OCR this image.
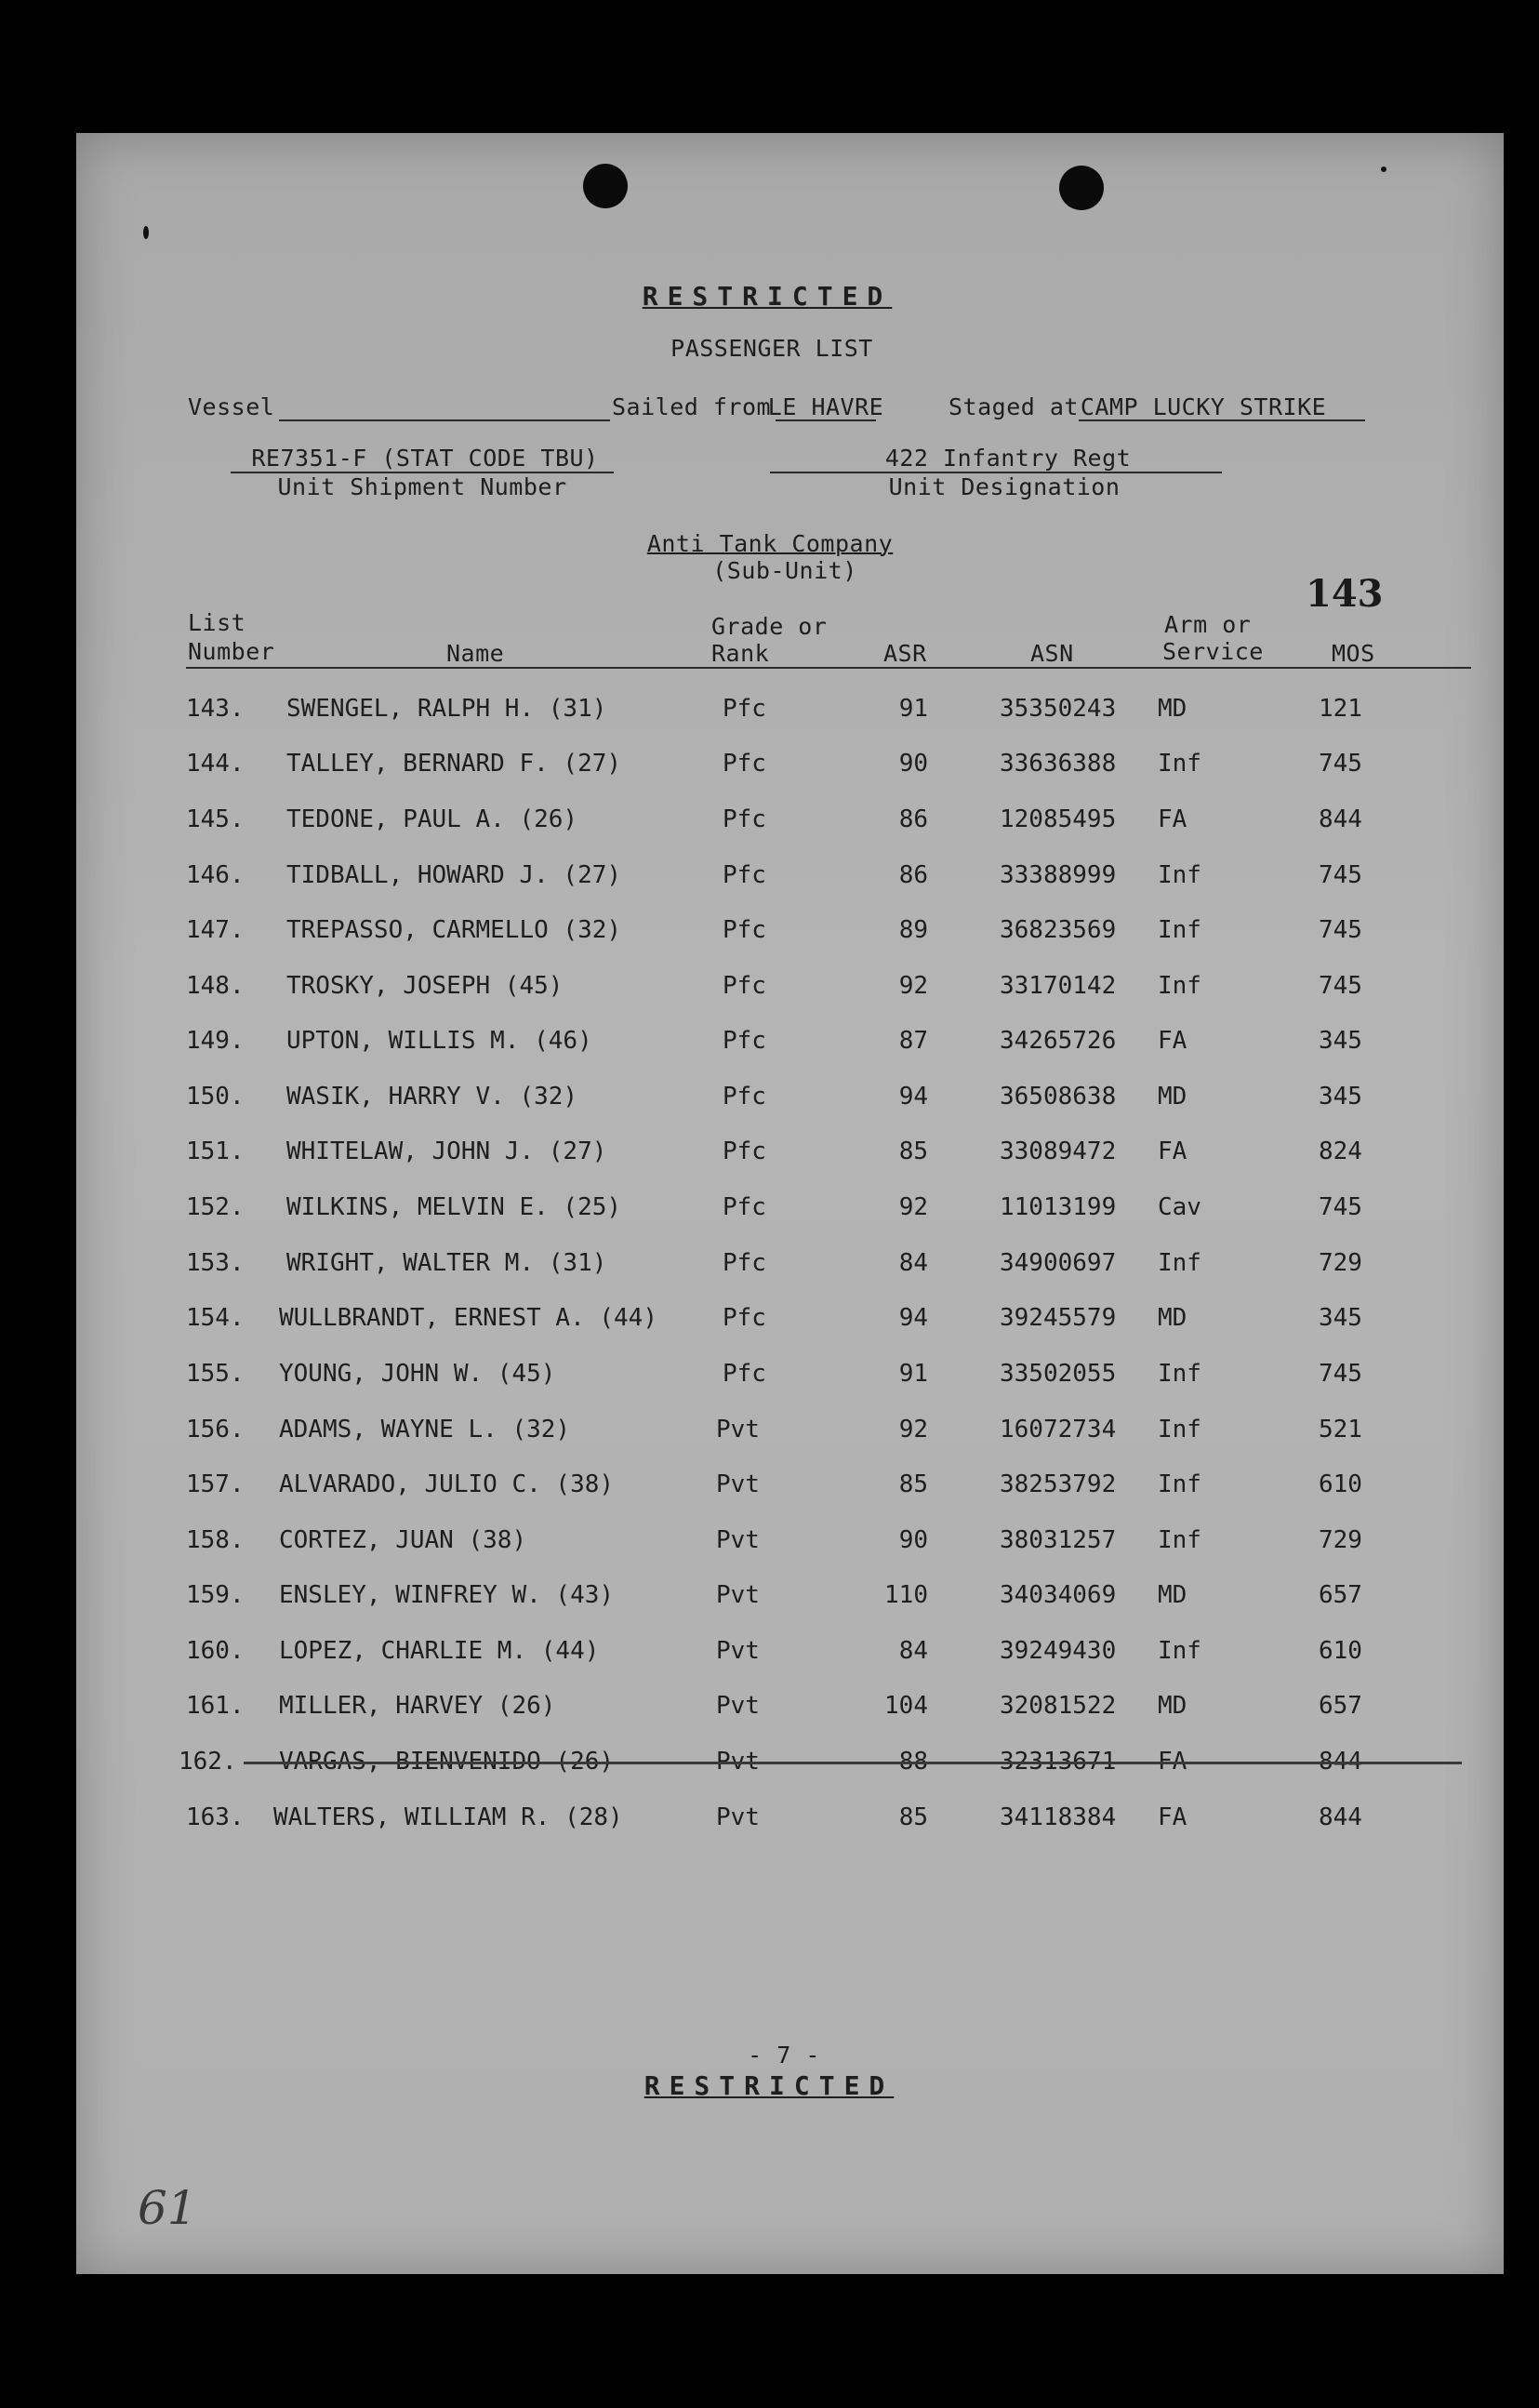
RESTRICTED
PASSENGER LIST
Vessel	Sailed from
LE HAVRE	Staged at CAMP LUCKY STRIKE
RE7351-F (STAT CODE TBU)
Unit Shipment Number
422 Infantry Regt
Unit Designation
Anti Tank Company
(Sub-Unit)
143
List
Number	Name
Grade or
Rank	ASR	ASN
Arm or
Service	MOS
143. SWENGEL, RALPH H. (31)	Pfc	91	35350243 MD	121
144. TALLEY, BERNARD F. (27)	Pfc	90	33636388 Inf	745
145. TEDONE, PAUL A. (26)	Pfc	86	12085495 FA	844
146. TIDBALL, HOWARD J. (27)	Pfc	86	33388999 Inf	745
147. TREPASSO, CARMELLO (32)	Pfc	89	36823569 Inf	745
148. TROSKY, JOSEPH (45)	Pfc	92	33170142 Inf	745
149. UPTON, WILLIS M. (46)	Pfc	87	34265726 FA	345
150. WASIK, HARRY V. (32)	Pfc	94	36508638 MD	345
151. WHITELAW, JOHN J. (27)	Pfc	85	33089472 FA	824
152. WILKINS, MELVIN E. (25)	Pfc	92	11013199 Cav	745
153. WRIGHT, WALTER M. (31)	Pfc	84	34900697 Inf	729
154. WULLBRANDT, ERNEST A. (44)	Pfc	94	39245579 MD	345
155. YOUNG, JOHN W. (45)	Pfc	91	33502055 Inf	745
156. ADAMS, WAYNE L. (32)	Pvt	92	16072734 Inf	521
157. ALVARADO, JULIO C. (38)	Pvt	85	38253792 Inf	610
158. CORTEZ, JUAN (38)	Pvt	90	38031257 Inf	729
159. ENSLEY, WINFREY W. (43)	Pvt	110	34034069 MD	657
160. LOPEZ, CHARLIE M. (44)	Pvt	84	39249430 Inf	610
161. MILLER, HARVEY (26)	Pvt	104	32081522 MD	657
162. VARGAS, BIENVENIDO (26)	Pvt	88	32313671 FA	844
163. WALTERS, WILLIAM R. (28)	Pvt	85	34118384 FA	844
- 7 -
RESTRICTED
61
